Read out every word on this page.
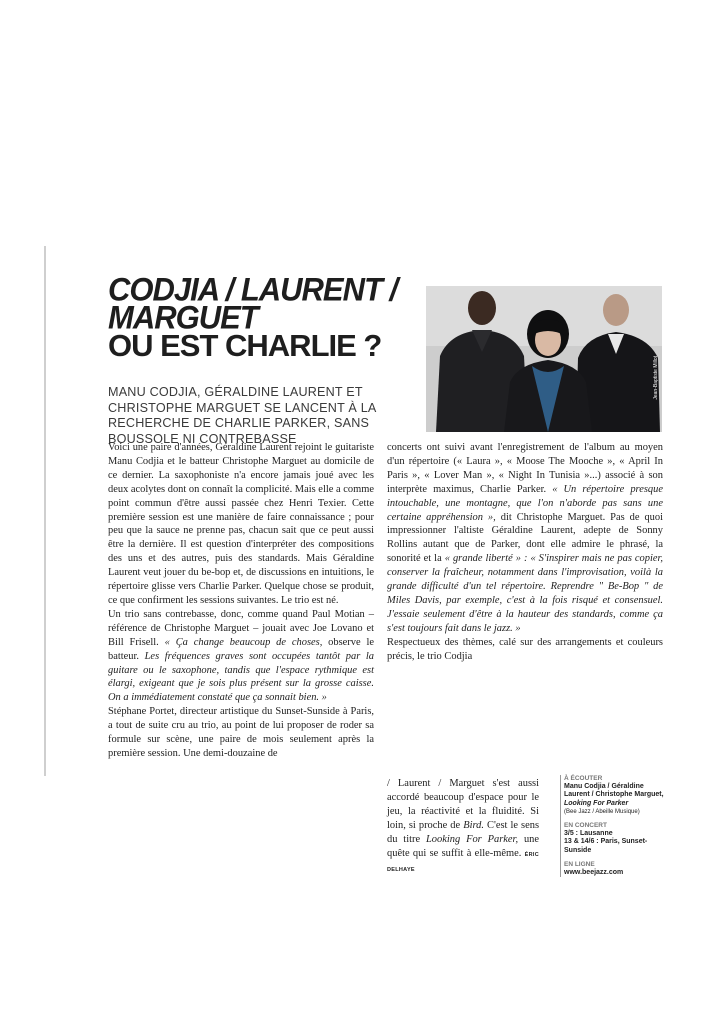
CODJIA / LAURENT /
MARGUET
OU EST CHARLIE ?
Jean-Baptiste Millot
MANU CODJIA, GÉRALDINE LAURENT ET CHRISTOPHE MARGUET SE LANCENT À LA RECHERCHE DE CHARLIE PARKER, SANS BOUSSOLE NI CONTREBASSE

Voici une paire d'années, Géraldine Laurent rejoint le guitariste Manu Codjia et le batteur Christophe Marguet au domicile de ce dernier. La saxophoniste n'a encore jamais joué avec les deux acolytes dont on connaît la complicité. Mais elle a comme point commun d'être aussi passée chez Henri Texier. Cette première session est une manière de faire connaissance ; pour peu que la sauce ne prenne pas, chacun sait que ce peut aussi être la dernière. Il est question d'interpréter des compositions des uns et des autres, puis des standards. Mais Géraldine Laurent veut jouer du be-bop et, de discussions en intuitions, le répertoire glisse vers Charlie Parker. Quelque chose se produit, ce que confirment les sessions suivantes. Le trio est né.

Un trio sans contrebasse, donc, comme quand Paul Motian – référence de Christophe Marguet – jouait avec Joe Lovano et Bill Frisell. « Ça change beaucoup de choses, observe le batteur. Les fréquences graves sont occupées tantôt par la guitare ou le saxophone, tandis que l'espace rythmique est élargi, exigeant que je sois plus présent sur la grosse caisse. On a immédiatement constaté que ça sonnait bien. »

Stéphane Portet, directeur artistique du Sunset-Sunside à Paris, a tout de suite cru au trio, au point de lui proposer de roder sa formule sur scène, une paire de mois seulement après la première session. Une demi-douzaine de

concerts ont suivi avant l'enregistrement de l'album au moyen d'un répertoire (« Laura », « Moose The Mooche », « April In Paris », « Lover Man », « Night In Tunisia »...) associé à son interprète maximus, Charlie Parker. « Un répertoire presque intouchable, une montagne, que l'on n'aborde pas sans une certaine appréhension », dit Christophe Marguet. Pas de quoi impressionner l'altiste Géraldine Laurent, adepte de Sonny Rollins autant que de Parker, dont elle admire le phrasé, la sonorité et la « grande liberté » : « S'inspirer mais ne pas copier, conserver la fraîcheur, notamment dans l'improvisation, voilà la grande difficulté d'un tel répertoire. Reprendre " Be-Bop " de Miles Davis, par exemple, c'est à la fois risqué et consensuel. J'essaie seulement d'être à la hauteur des standards, comme ça s'est toujours fait dans le jazz. »

Respectueux des thèmes, calé sur des arrangements et couleurs précis, le trio Codjia

/ Laurent / Marguet s'est aussi accordé beaucoup d'espace pour le jeu, la réactivité et la fluidité. Si loin, si proche de Bird. C'est le sens du titre Looking For Parker, une quête qui se suffit à elle-même. ÉRIC DELHAYE

À ÉCOUTER
Manu Codjia / Géraldine Laurent / Christophe Marguet,
Looking For Parker
(Bee Jazz / Abeille Musique)
EN CONCERT
3/5 : Lausanne
13 & 14/6 : Paris, Sunset-Sunside
EN LIGNE
www.beejazz.com
